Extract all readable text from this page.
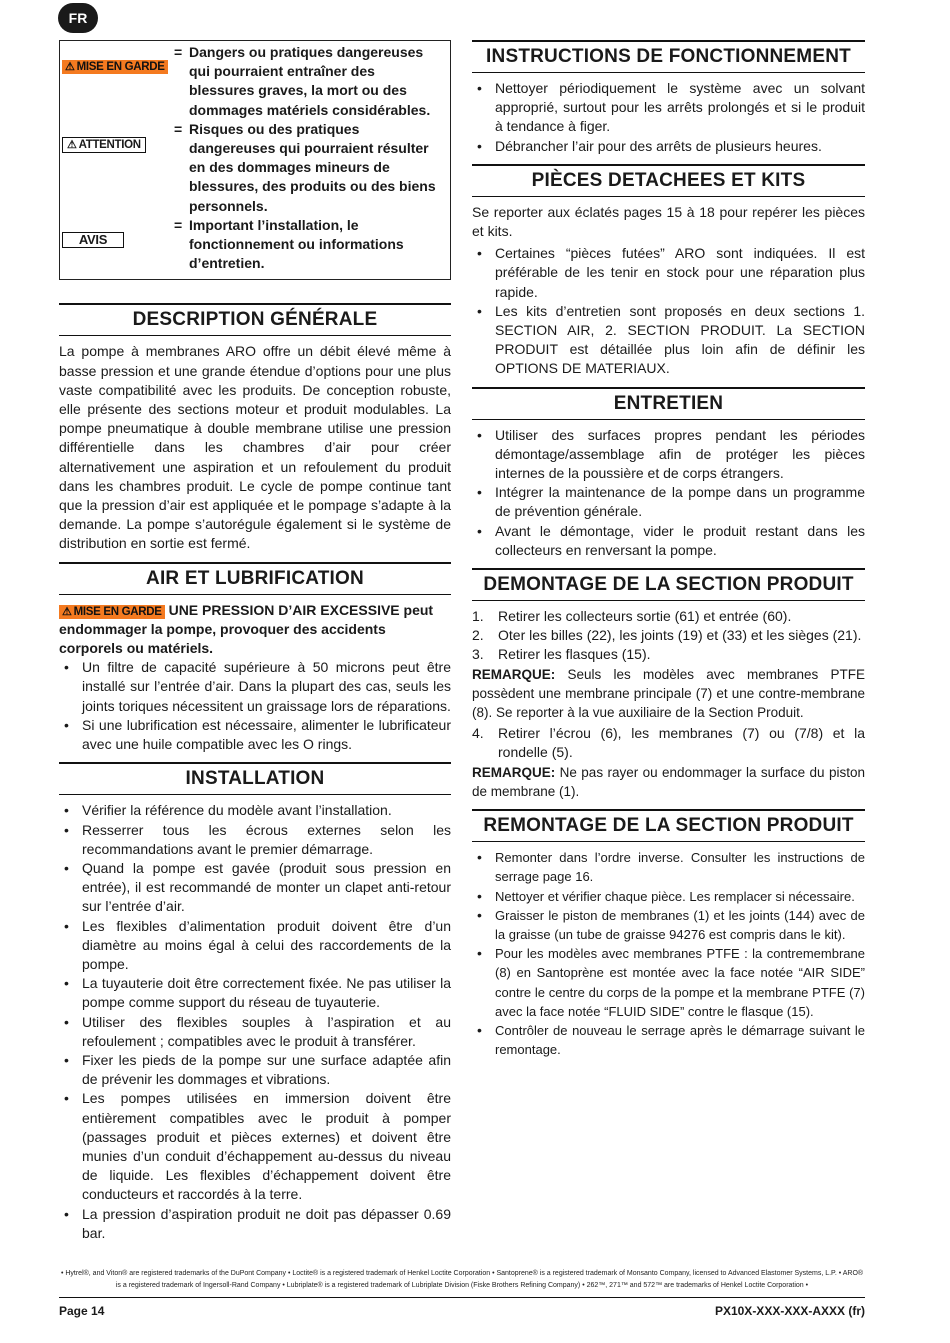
FR
⚠ MISE EN GARDE
= Dangers ou pratiques dangereuses qui pourraient entraîner des blessures graves, la mort ou des dommages matériels considérables.
⚠ ATTENTION
= Risques ou des pratiques dangereuses qui pourraient résulter en des dommages mineurs de blessures, des produits ou des biens personnels.
AVIS
= Important l’installation, le fonctionnement ou informations d’entretien.
DESCRIPTION GÉNÉRALE

La pompe à membranes ARO offre un débit élevé même à basse pression et une grande étendue d’options pour une plus vaste compatibilité avec les produits. De conception robuste, elle présente des sections moteur et produit modulables. La pompe pneumatique à double membrane utilise une pression différentielle dans les chambres d’air pour créer alternativement une aspiration et un refoulement du produit dans les chambres produit. Le cycle de pompe continue tant que la pression d’air est appliquée et le pompage s’adapte à la demande. La pompe s’autorégule également si le système de distribution en sortie est fermé.

AIR ET LUBRIFICATION

⚠ MISE EN GARDE UNE PRESSION D’AIR EXCESSIVE peut endommager la pompe, provoquer des accidents corporels ou matériels.

• Un filtre de capacité supérieure à 50 microns peut être installé sur l’entrée d’air. Dans la plupart des cas, seuls les joints toriques nécessitent un graissage lors de réparations.
• Si une lubrification est nécessaire, alimenter le lubrificateur avec une huile compatible avec les O rings.
INSTALLATION
• Vérifier la référence du modèle avant l’installation.
• Resserrer tous les écrous externes selon les recommandations avant le premier démarrage.
• Quand la pompe est gavée (produit sous pression en entrée), il est recommandé de monter un clapet anti-retour sur l’entrée d’air.
• Les flexibles d’alimentation produit doivent être d’un diamètre au moins égal à celui des raccordements de la pompe.
• La tuyauterie doit être correctement fixée. Ne pas utiliser la pompe comme support du réseau de tuyauterie.
• Utiliser des flexibles souples à l’aspiration et au refoulement ; compatibles avec le produit à transférer.
• Fixer les pieds de la pompe sur une surface adaptée afin de prévenir les dommages et vibrations.
• Les pompes utilisées en immersion doivent être entièrement compatibles avec le produit à pomper (passages produit et pièces externes) et doivent être munies d’un conduit d’échappement au-dessus du niveau de liquide. Les flexibles d’échappement doivent être conducteurs et raccordés à la terre.
• La pression d’aspiration produit ne doit pas dépasser 0.69 bar.
INSTRUCTIONS DE FONCTIONNEMENT
• Nettoyer périodiquement le système avec un solvant approprié, surtout pour les arrêts prolongés et si le produit à tendance à figer.
• Débrancher l’air pour des arrêts de plusieurs heures.
PIÈCES DETACHEES ET KITS

Se reporter aux éclatés pages 15 à 18 pour repérer les pièces et kits.

• Certaines “pièces futées” ARO sont indiquées. Il est préférable de les tenir en stock pour une réparation plus rapide.
• Les kits d’entretien sont proposés en deux sections 1. SECTION AIR, 2. SECTION PRODUIT. La SECTION PRODUIT est détaillée plus loin afin de définir les OPTIONS DE MATERIAUX.
ENTRETIEN
• Utiliser des surfaces propres pendant les périodes démontage/assemblage afin de protéger les pièces internes de la poussière et de corps étrangers.
• Intégrer la maintenance de la pompe dans un programme de prévention générale.
• Avant le démontage, vider le produit restant dans les collecteurs en renversant la pompe.
DEMONTAGE DE LA SECTION PRODUIT
1. Retirer les collecteurs sortie (61) et entrée (60).
2. Oter les billes (22), les joints (19) et (33) et les sièges (21).
3. Retirer les flasques (15).

REMARQUE: Seuls les modèles avec membranes PTFE possèdent une membrane principale (7) et une contre-membrane (8). Se reporter à la vue auxiliaire de la Section Produit.

4. Retirer l’écrou (6), les membranes (7) ou (7/8) et la rondelle (5).

REMARQUE: Ne pas rayer ou endommager la surface du piston de membrane (1).

REMONTAGE DE LA SECTION PRODUIT
• Remonter dans l’ordre inverse. Consulter les instructions de serrage page 16.
• Nettoyer et vérifier chaque pièce. Les remplacer si nécessaire.
• Graisser le piston de membranes (1) et les joints (144) avec de la graisse (un tube de graisse 94276 est compris dans le kit).
• Pour les modèles avec membranes PTFE : la contremembrane (8) en Santoprène est montée avec la face notée “AIR SIDE” contre le centre du corps de la pompe et la membrane PTFE (7) avec la face notée “FLUID SIDE” contre le flasque (15).
• Contrôler de nouveau le serrage après le démarrage suivant le remontage.
• Hytrel®, and Viton® are registered trademarks of the DuPont Company • Loctite® is a registered trademark of Henkel Loctite Corporation • Santoprene® is a registered trademark of Monsanto Company, licensed to Advanced Elastomer Systems, L.P. • ARO® is a registered trademark of Ingersoll-Rand Company • Lubriplate® is a registered trademark of Lubriplate Division (Fiske Brothers Refining Company) • 262™, 271™ and 572™ are trademarks of Henkel Loctite Corporation •
Page 14	PX10X-XXX-XXX-AXXX (fr)
